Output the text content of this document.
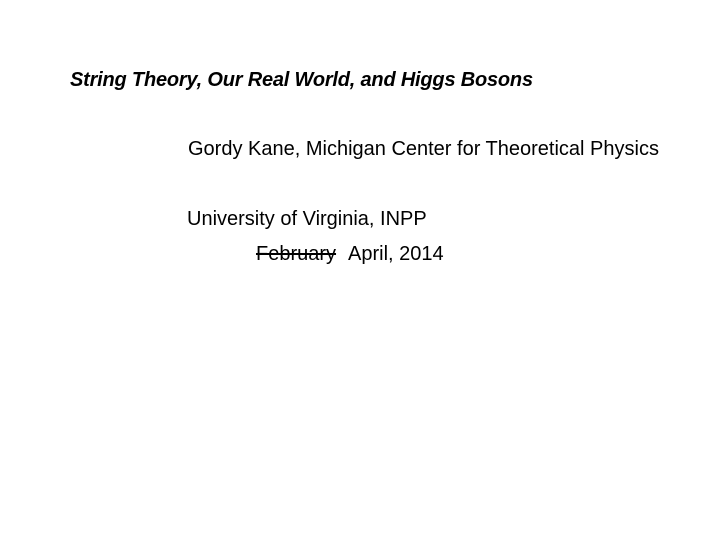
String Theory, Our Real World, and Higgs Bosons
Gordy Kane, Michigan Center for Theoretical Physics
University of Virginia, INPP
February April, 2014
